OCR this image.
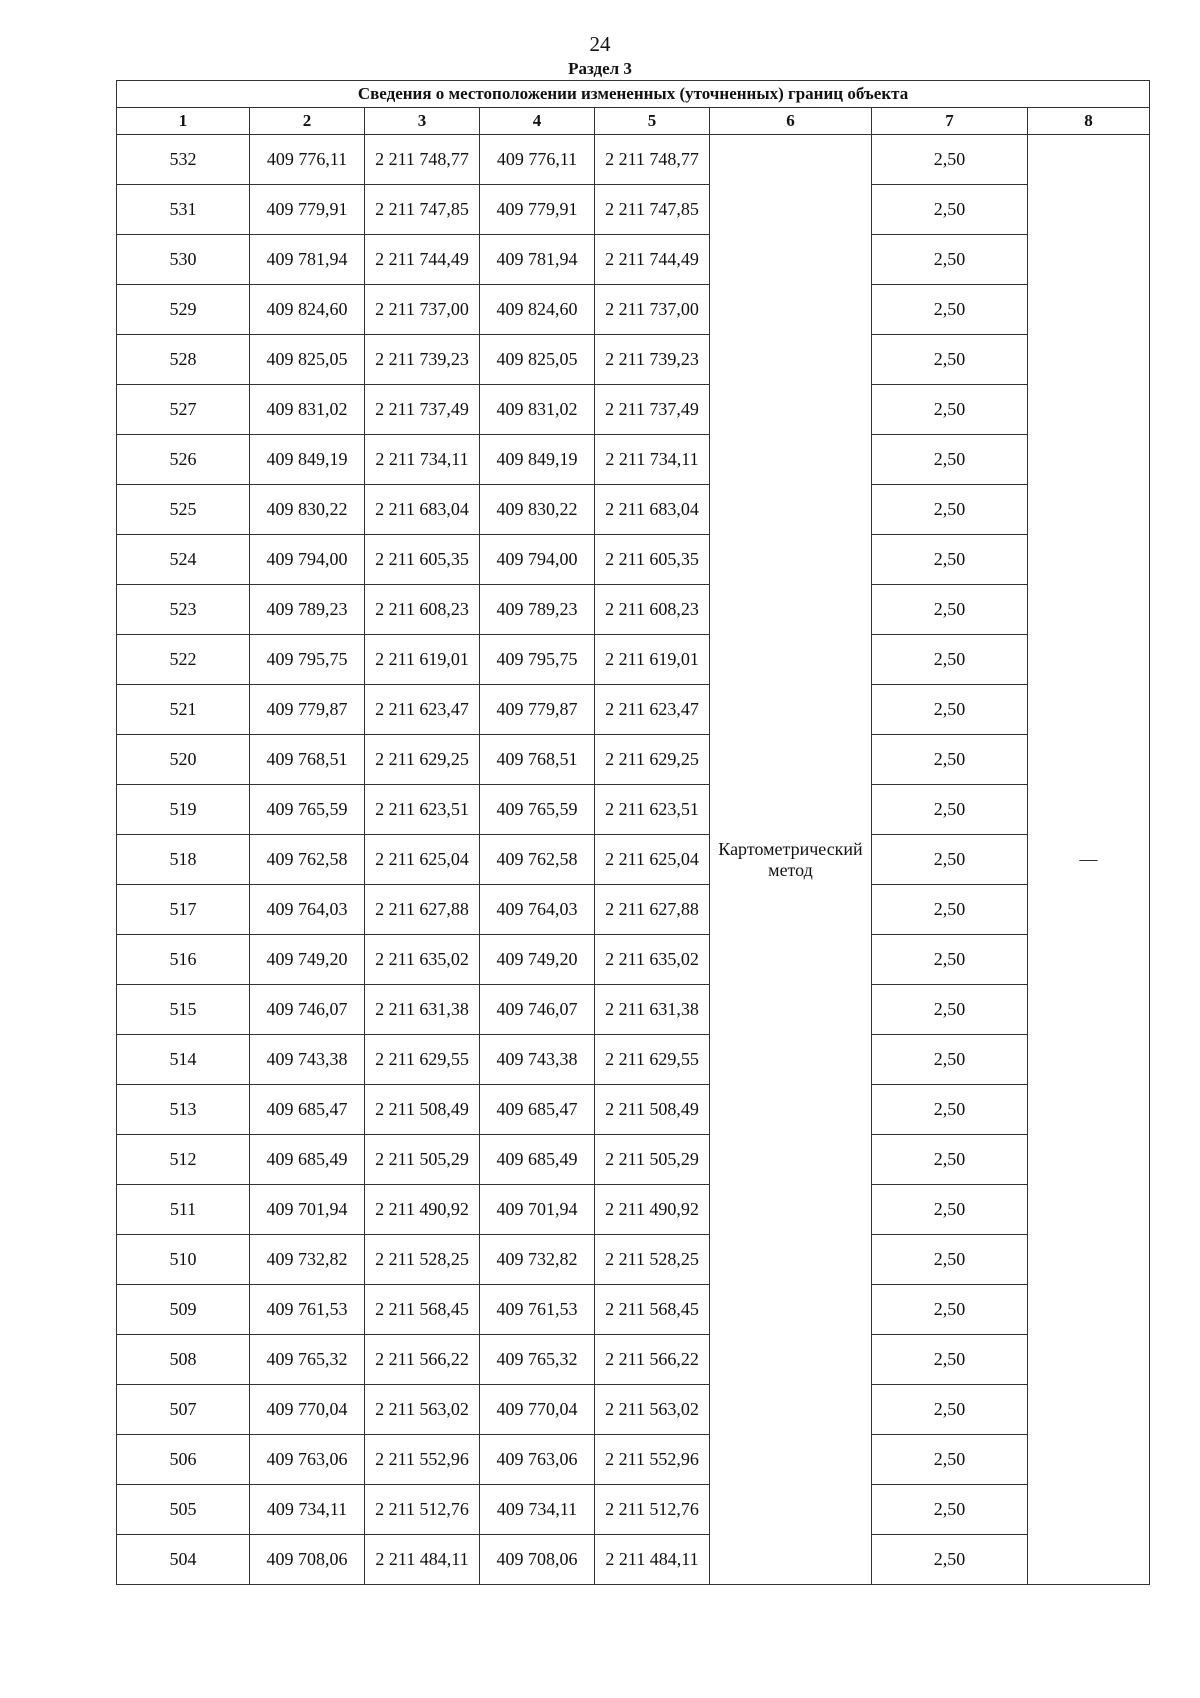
24
Раздел 3
Сведения о местоположении измененных (уточненных) границ объекта							
1	2	3	4	5	6	7	8
532	409 776,11	2 211 748,77	409 776,11	2 211 748,77	Картометрический метод	2,50	—
531	409 779,91	2 211 747,85	409 779,91	2 211 747,85		2,50	
530	409 781,94	2 211 744,49	409 781,94	2 211 744,49		2,50	
529	409 824,60	2 211 737,00	409 824,60	2 211 737,00		2,50	
528	409 825,05	2 211 739,23	409 825,05	2 211 739,23		2,50	
527	409 831,02	2 211 737,49	409 831,02	2 211 737,49		2,50	
526	409 849,19	2 211 734,11	409 849,19	2 211 734,11		2,50	
525	409 830,22	2 211 683,04	409 830,22	2 211 683,04		2,50	
524	409 794,00	2 211 605,35	409 794,00	2 211 605,35		2,50	
523	409 789,23	2 211 608,23	409 789,23	2 211 608,23		2,50	
522	409 795,75	2 211 619,01	409 795,75	2 211 619,01		2,50	
521	409 779,87	2 211 623,47	409 779,87	2 211 623,47		2,50	
520	409 768,51	2 211 629,25	409 768,51	2 211 629,25		2,50	
519	409 765,59	2 211 623,51	409 765,59	2 211 623,51		2,50	
518	409 762,58	2 211 625,04	409 762,58	2 211 625,04		2,50	
517	409 764,03	2 211 627,88	409 764,03	2 211 627,88		2,50	
516	409 749,20	2 211 635,02	409 749,20	2 211 635,02		2,50	
515	409 746,07	2 211 631,38	409 746,07	2 211 631,38		2,50	
514	409 743,38	2 211 629,55	409 743,38	2 211 629,55		2,50	
513	409 685,47	2 211 508,49	409 685,47	2 211 508,49		2,50	
512	409 685,49	2 211 505,29	409 685,49	2 211 505,29		2,50	
511	409 701,94	2 211 490,92	409 701,94	2 211 490,92		2,50	
510	409 732,82	2 211 528,25	409 732,82	2 211 528,25		2,50	
509	409 761,53	2 211 568,45	409 761,53	2 211 568,45		2,50	
508	409 765,32	2 211 566,22	409 765,32	2 211 566,22		2,50	
507	409 770,04	2 211 563,02	409 770,04	2 211 563,02		2,50	
506	409 763,06	2 211 552,96	409 763,06	2 211 552,96		2,50	
505	409 734,11	2 211 512,76	409 734,11	2 211 512,76		2,50	
504	409 708,06	2 211 484,11	409 708,06	2 211 484,11		2,50	
